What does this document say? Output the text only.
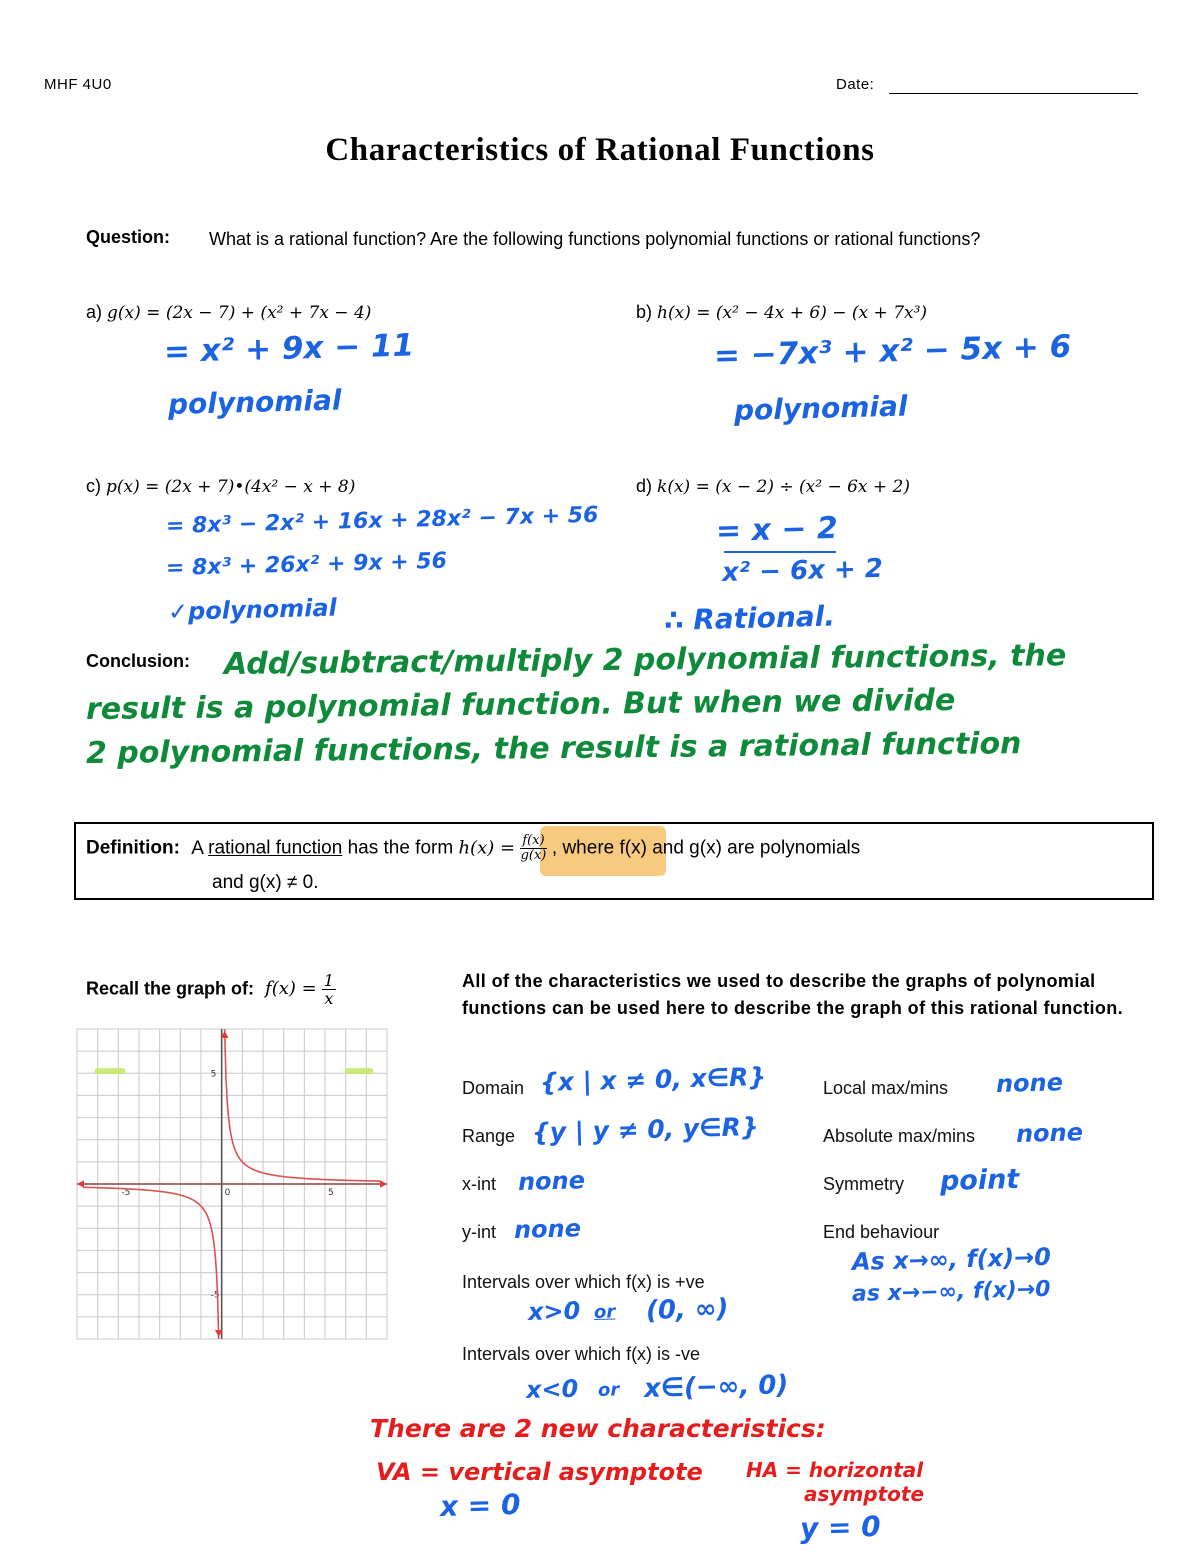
MHF 4U0	Date:
Characteristics of Rational Functions
Question: What is a rational function? Are the following functions polynomial functions or rational functions?
a) g(x) = (2x − 7) + (x² + 7x − 4)
= x² + 9x − 11
polynomial
b) h(x) = (x² − 4x + 6) − (x + 7x³)
= −7x³ + x² − 5x + 6
polynomial
c) p(x) = (2x + 7)•(4x² − x + 8)
= 8x³ − 2x² + 16x + 28x² − 7x + 56
= 8x³ + 26x² + 9x + 56
✓polynomial
d) k(x) = (x − 2) ÷ (x² − 6x + 2)
= x − 2
x² − 6x + 2
∴ Rational.
Conclusion: Add/subtract/multiply 2 polynomial functions, the
result is a polynomial function. But when we divide
2 polynomial functions, the result is a rational function
Definition: A rational function has the form $h(x) = \frac{f(x)}{g(x)}$ , where f(x) and g(x) are polynomials
and g(x) ≠ 0.
Recall the graph of: $f(x) = \frac{1}{x}$
-5	0	5
5
-5
All of the characteristics we used to describe the graphs of polynomial functions can be used here to describe the graph of this rational function.
Domain {x | x ≠ 0, x∈R}
Range {y | y ≠ 0, y∈R}
x-int none
y-int none
Intervals over which f(x) is +ve
x>0 or (0, ∞)
Intervals over which f(x) is -ve
x<0 or x∈(−∞, 0)
Local max/mins none
Absolute max/mins none
Symmetry point
End behaviour
As x→∞, f(x)→0
as x→−∞, f(x)→0
There are 2 new characteristics:
VA = vertical asymptote
x = 0
HA = horizontal
asymptote
y = 0
